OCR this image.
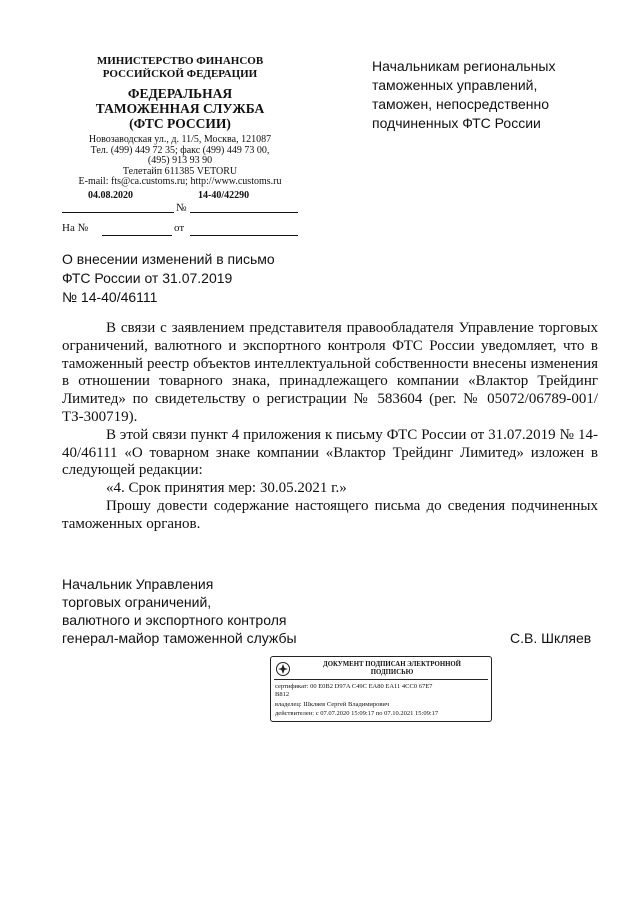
МИНИСТЕРСТВО ФИНАНСОВ
РОССИЙСКОЙ ФЕДЕРАЦИИ
ФЕДЕРАЛЬНАЯ
ТАМОЖЕННАЯ СЛУЖБА
(ФТС РОССИИ)
Новозаводская ул., д. 11/5, Москва, 121087
Тел. (499) 449 72 35; факс (499) 449 73 00,
(495) 913 93 90
Телетайп 611385 VETORU
E-mail: fts@ca.customs.ru; http://www.customs.ru
04.08.2020	14-40/42290
№
На №	от
Начальникам региональных
таможенных управлений,
таможен, непосредственно
подчиненных ФТС России
О внесении изменений в письмо
ФТС России от 31.07.2019
№ 14-40/46111

В связи с заявлением представителя правообладателя Управление торговых ограничений, валютного и экспортного контроля ФТС России уведомляет, что в таможенный реестр объектов интеллектуальной собственности внесены изменения в отношении товарного знака, принадлежащего компании «Влактор Трейдинг Лимитед» по свидетельству о регистрации № 583604 (рег. № 05072/06789-001/ТЗ-300719).

В этой связи пункт 4 приложения к письму ФТС России от 31.07.2019 № 14-40/46111 «О товарном знаке компании «Влактор Трейдинг Лимитед» изложен в следующей редакции:

«4. Срок принятия мер: 30.05.2021 г.»

Прошу довести содержание настоящего письма до сведения подчиненных таможенных органов.

Начальник Управления
торговых ограничений,
валютного и экспортного контроля
генерал-майор таможенной службы	С.В. Шкляев
ДОКУМЕНТ ПОДПИСАН ЭЛЕКТРОННОЙ
ПОДПИСЬЮ
сертификат: 00 E0B2 D97A C49C EA80 EA11 4CC0 67E7
B812
владелец: Шкляев Сергей Владимирович
действителен: с 07.07.2020 15:09:17 по 07.10.2021 15:09:17
